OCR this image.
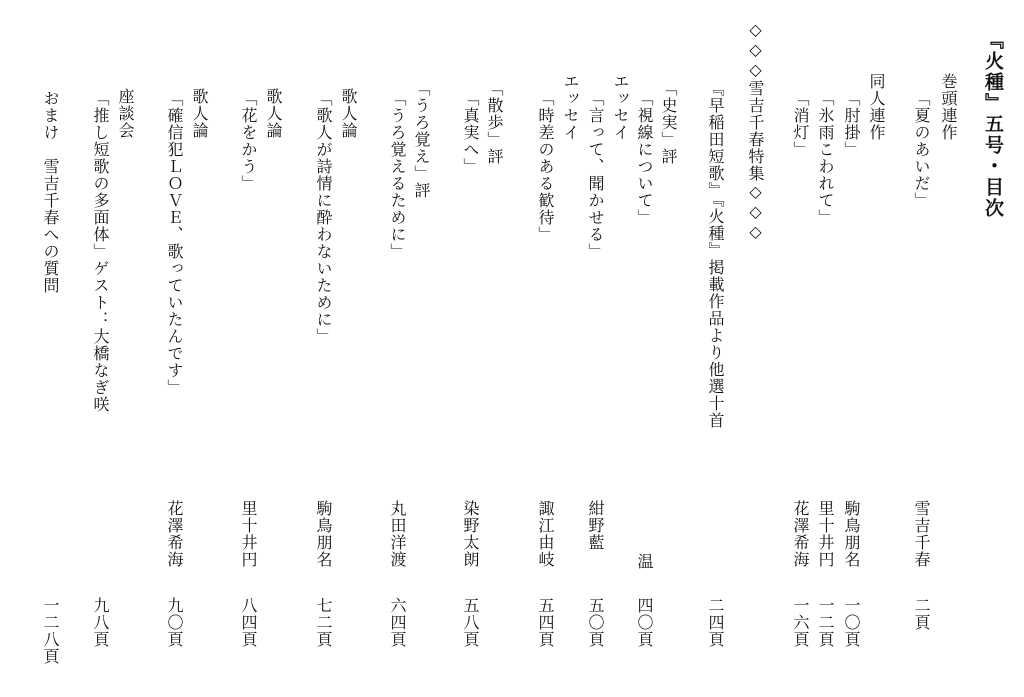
『火種』五号・目次
巻頭連作
「夏のあいだ」
雪吉千春
二頁
同人連作
「肘掛」
駒鳥朋名
一〇頁
「氷雨こわれて」
里十井円
一二頁
「消灯」
花澤希海
一六頁
◇◇◇雪吉千春特集◇◇◇
『早稲田短歌』『火種』掲載作品より他選十首
二四頁
「史実」評
「視線について」
温
四〇頁
エッセイ
「言って、聞かせる」
紺野藍
五〇頁
エッセイ
「時差のある歓待」
諏江由岐
五四頁
「散歩」評
「真実へ」
染野太朗
五八頁
「うろ覚え」評
「うろ覚えるために」
丸田洋渡
六四頁
歌人論
「歌人が詩情に酔わないために」
駒鳥朋名
七二頁
歌人論
「花をかう」
里十井円
八四頁
歌人論
「確信犯ＬＯＶＥ、歌っていたんです」
花澤希海
九〇頁
座談会
「推し短歌の多面体」ゲスト：大橋なぎ咲
九八頁
おまけ　雪吉千春への質問
一二八頁
